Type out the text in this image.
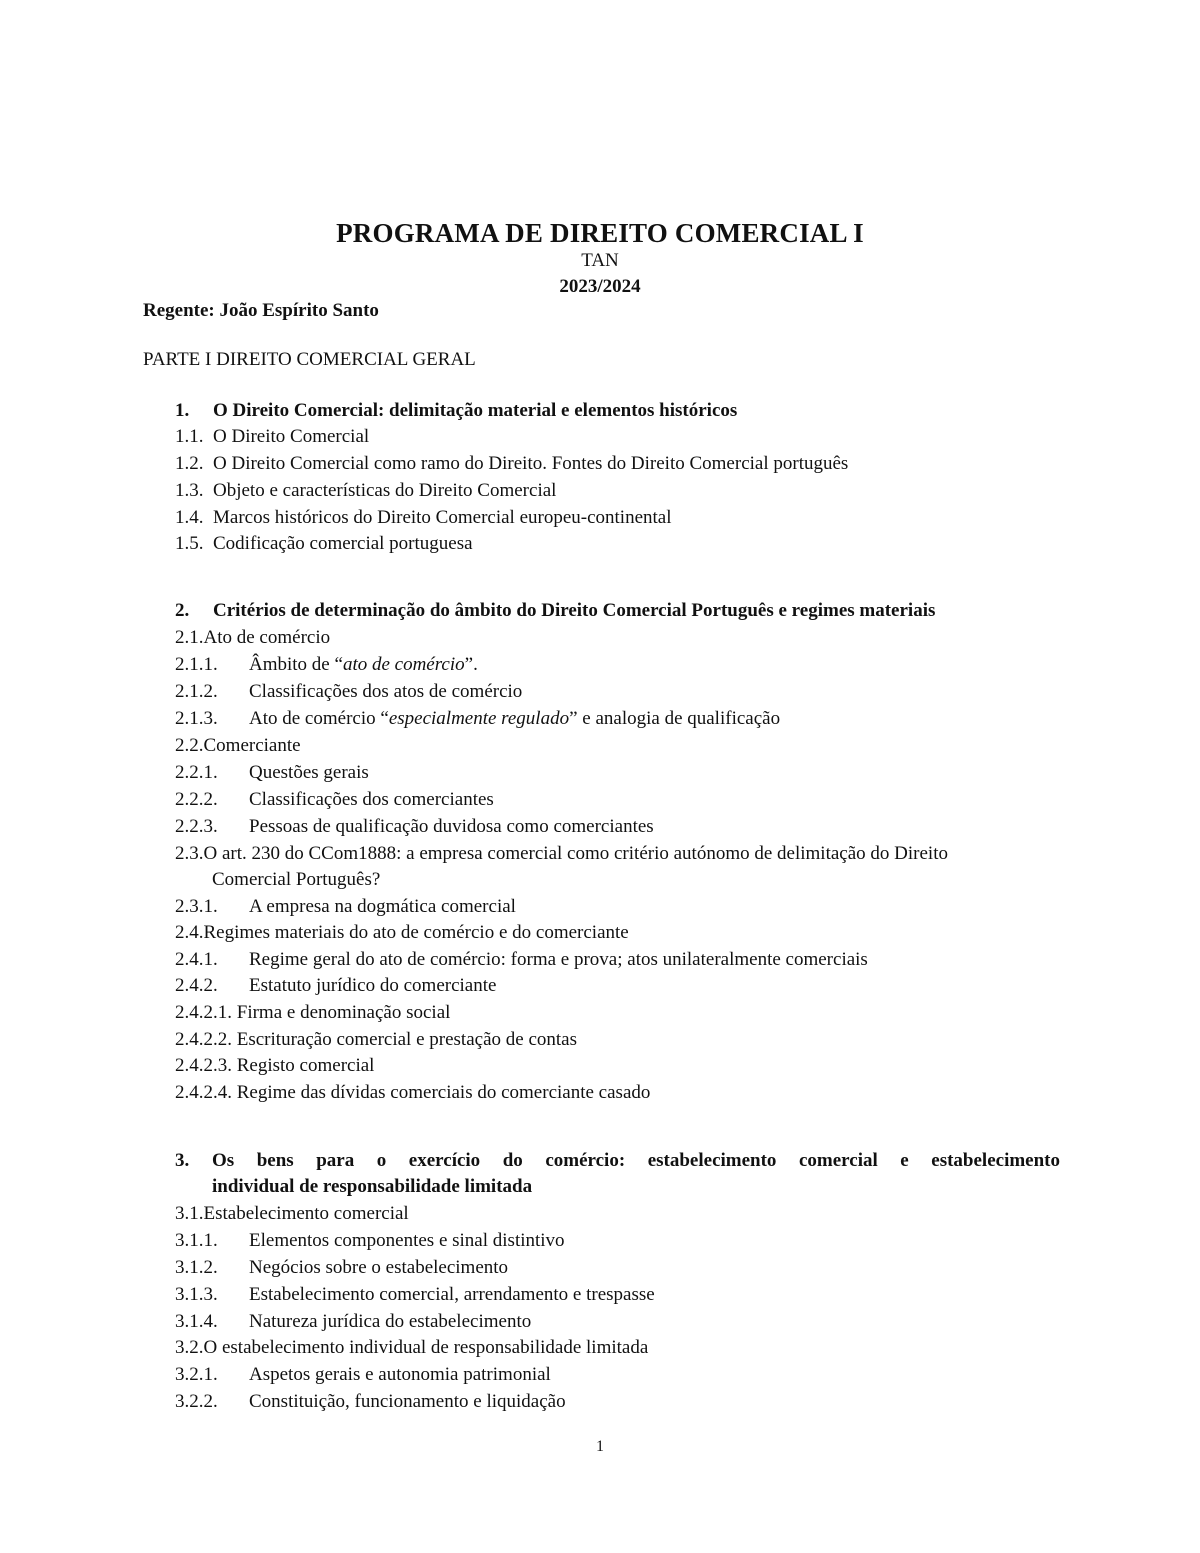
PROGRAMA DE DIREITO COMERCIAL I
TAN
2023/2024
Regente: João Espírito Santo
PARTE I DIREITO COMERCIAL GERAL
1. O Direito Comercial: delimitação material e elementos históricos
1.1. O Direito Comercial
1.2. O Direito Comercial como ramo do Direito. Fontes do Direito Comercial português
1.3. Objeto e características do Direito Comercial
1.4. Marcos históricos do Direito Comercial europeu-continental
1.5. Codificação comercial portuguesa
2. Critérios de determinação do âmbito do Direito Comercial Português e regimes materiais
2.1.Ato de comércio
2.1.1. Âmbito de “ato de comércio”.
2.1.2. Classificações dos atos de comércio
2.1.3. Ato de comércio “especialmente regulado” e analogia de qualificação
2.2.Comerciante
2.2.1. Questões gerais
2.2.2. Classificações dos comerciantes
2.2.3. Pessoas de qualificação duvidosa como comerciantes
2.3.O art. 230 do CCom1888: a empresa comercial como critério autónomo de delimitação do Direito
Comercial Português?
2.3.1. A empresa na dogmática comercial
2.4.Regimes materiais do ato de comércio e do comerciante
2.4.1. Regime geral do ato de comércio: forma e prova; atos unilateralmente comerciais
2.4.2. Estatuto jurídico do comerciante
2.4.2.1. Firma e denominação social
2.4.2.2. Escrituração comercial e prestação de contas
2.4.2.3. Registo comercial
2.4.2.4. Regime das dívidas comerciais do comerciante casado
3. Os bens para o exercício do comércio: estabelecimento comercial e estabelecimento
individual de responsabilidade limitada
3.1.Estabelecimento comercial
3.1.1. Elementos componentes e sinal distintivo
3.1.2. Negócios sobre o estabelecimento
3.1.3. Estabelecimento comercial, arrendamento e trespasse
3.1.4. Natureza jurídica do estabelecimento
3.2.O estabelecimento individual de responsabilidade limitada
3.2.1. Aspetos gerais e autonomia patrimonial
3.2.2. Constituição, funcionamento e liquidação
1
